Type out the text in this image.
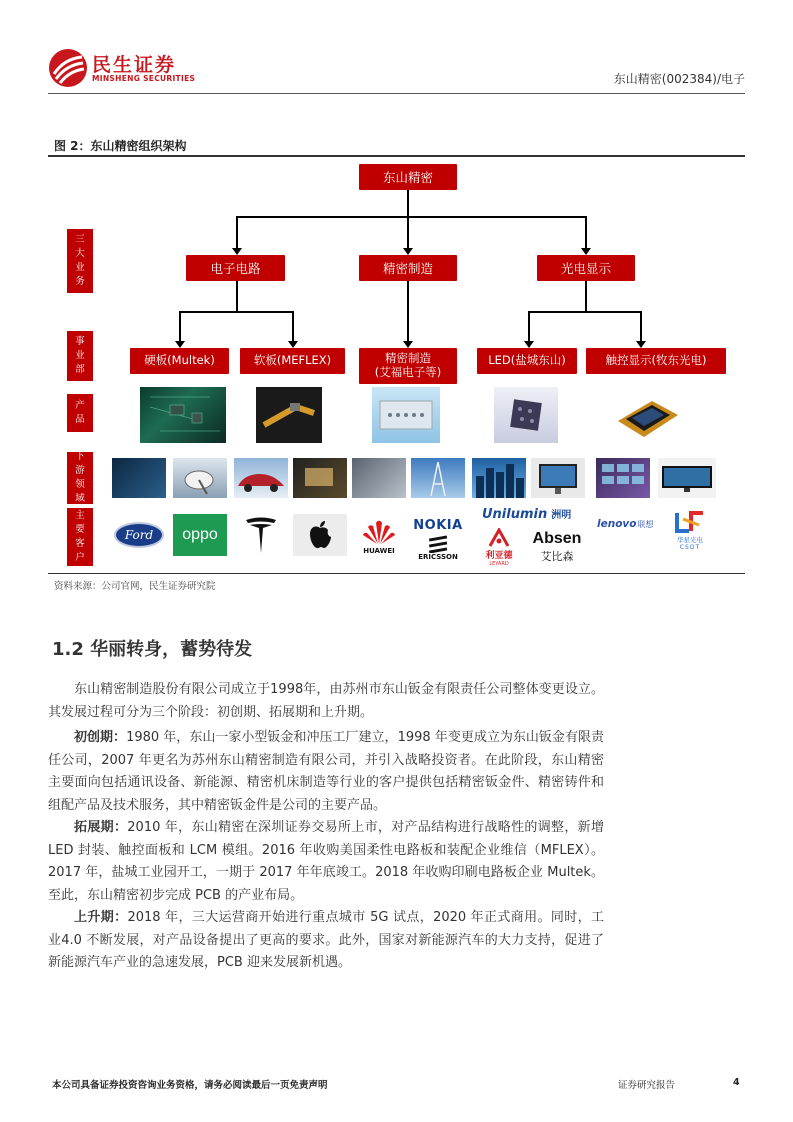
民生证券
MINSHENG SECURITIES	东山精密(002384)/电子
图 2：东山精密组织架构
东山精密
电子电路	精密制造	光电显示
硬板(Multek)	软板(MEFLEX)	精密制造
(艾福电子等)
LED(盐城东山)	触控显示(牧东光电)
三
大
业
务
事
业
部
产
品
下
游
领
域
主
要
客
户
Ford	oppo
HUAWEI
NOKIA
ERICSSON
Unilumin 洲明
利亚德
LEYARD
Absen
艾比森
lenovo 联想
华星光电
CSOT
资料来源：公司官网，民生证券研究院
1.2 华丽转身，蓄势待发
东山精密制造股份有限公司成立于1998年，由苏州市东山钣金有限责任公司整体变更设立。其发展过程可分为三个阶段：初创期、拓展期和上升期。
初创期：1980 年，东山一家小型钣金和冲压工厂建立，1998 年变更成立为东山钣金有限责任公司，2007 年更名为苏州东山精密制造有限公司，并引入战略投资者。在此阶段，东山精密主要面向包括通讯设备、新能源、精密机床制造等行业的客户提供包括精密钣金件、精密铸件和组配产品及技术服务，其中精密钣金件是公司的主要产品。
拓展期：2010 年，东山精密在深圳证券交易所上市，对产品结构进行战略性的调整，新增LED 封装、触控面板和 LCM 模组。2016 年收购美国柔性电路板和装配企业维信（MFLEX）。2017 年，盐城工业园开工，一期于 2017 年年底竣工。2018 年收购印刷电路板企业 Multek。至此，东山精密初步完成 PCB 的产业布局。
上升期：2018 年，三大运营商开始进行重点城市 5G 试点，2020 年正式商用。同时，工业4.0 不断发展，对产品设备提出了更高的要求。此外，国家对新能源汽车的大力支持，促进了新能源汽车产业的急速发展，PCB 迎来发展新机遇。
本公司具备证券投资咨询业务资格，请务必阅读最后一页免责声明	证券研究报告	4
